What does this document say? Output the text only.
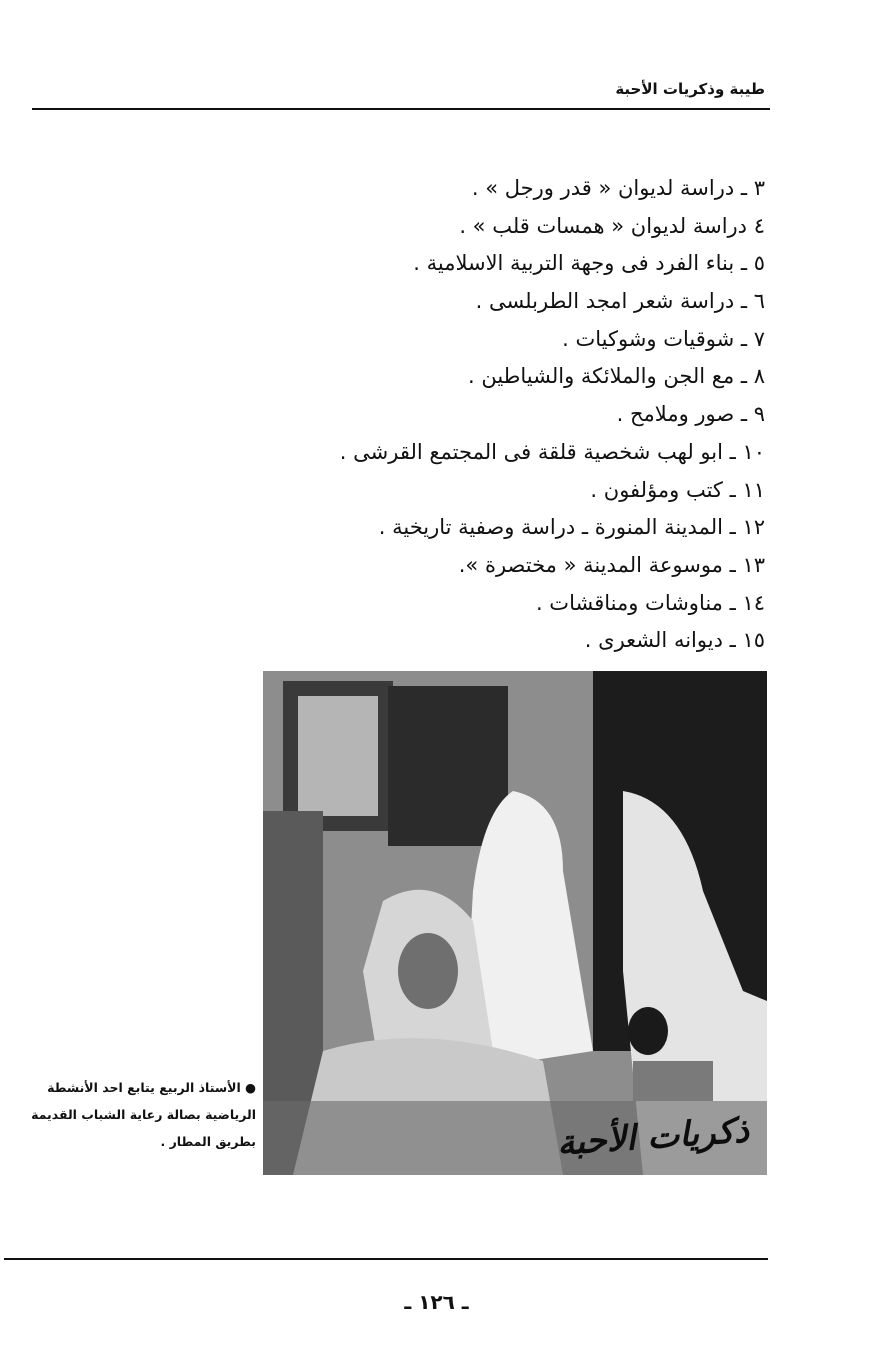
طيبة وذكريات الأحبة
٣ ـ دراسة لديوان « قدر ورجل » .
٤ دراسة لديوان « همسات قلب » .
٥ ـ بناء الفرد فى وجهة التربية الاسلامية .
٦ ـ دراسة شعر امجد الطربلسى .
٧ ـ شوقيات وشوكيات .
٨ ـ مع الجن والملائكة والشياطين .
٩ ـ صور وملامح .
١٠ ـ ابو لهب شخصية قلقة فى المجتمع القرشى .
١١ ـ كتب ومؤلفون .
١٢ ـ المدينة المنورة ـ دراسة وصفية تاريخية .
١٣ ـ موسوعة المدينة « مختصرة ».
١٤ ـ مناوشات ومناقشات .
١٥ ـ ديوانه الشعرى .
ذكريات الأحبة
● الأستاذ الربيع يتابع احد الأنشطة
الرياضية بصالة رعاية الشباب القديمة
بطريق المطار .
ـ ١٢٦ ـ
